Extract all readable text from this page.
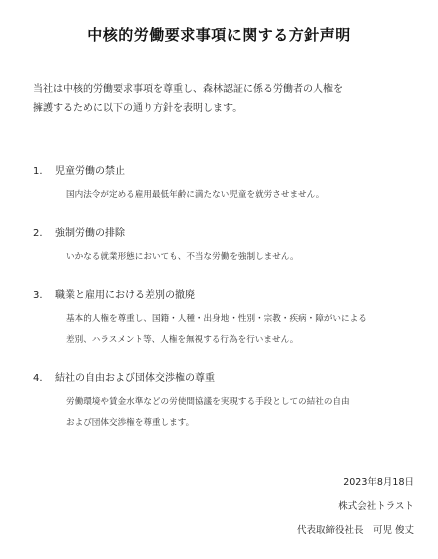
中核的労働要求事項に関する方針声明
当社は中核的労働要求事項を尊重し、森林認証に係る労働者の人権を
擁護するために以下の通り方針を表明します。
1. 児童労働の禁止
国内法令が定める雇用最低年齢に満たない児童を就労させません。
2. 強制労働の排除
いかなる就業形態においても、不当な労働を強制しません。
3. 職業と雇用における差別の撤廃
基本的人権を尊重し、国籍・人種・出身地・性別・宗教・疾病・障がいによる
差別、ハラスメント等、人権を無視する行為を行いません。
4. 結社の自由および団体交渉権の尊重
労働環境や賃金水準などの労使間協議を実現する手段としての結社の自由
および団体交渉権を尊重します。
2023年8月18日
株式会社トラスト
代表取締役社長　可児 俊丈
